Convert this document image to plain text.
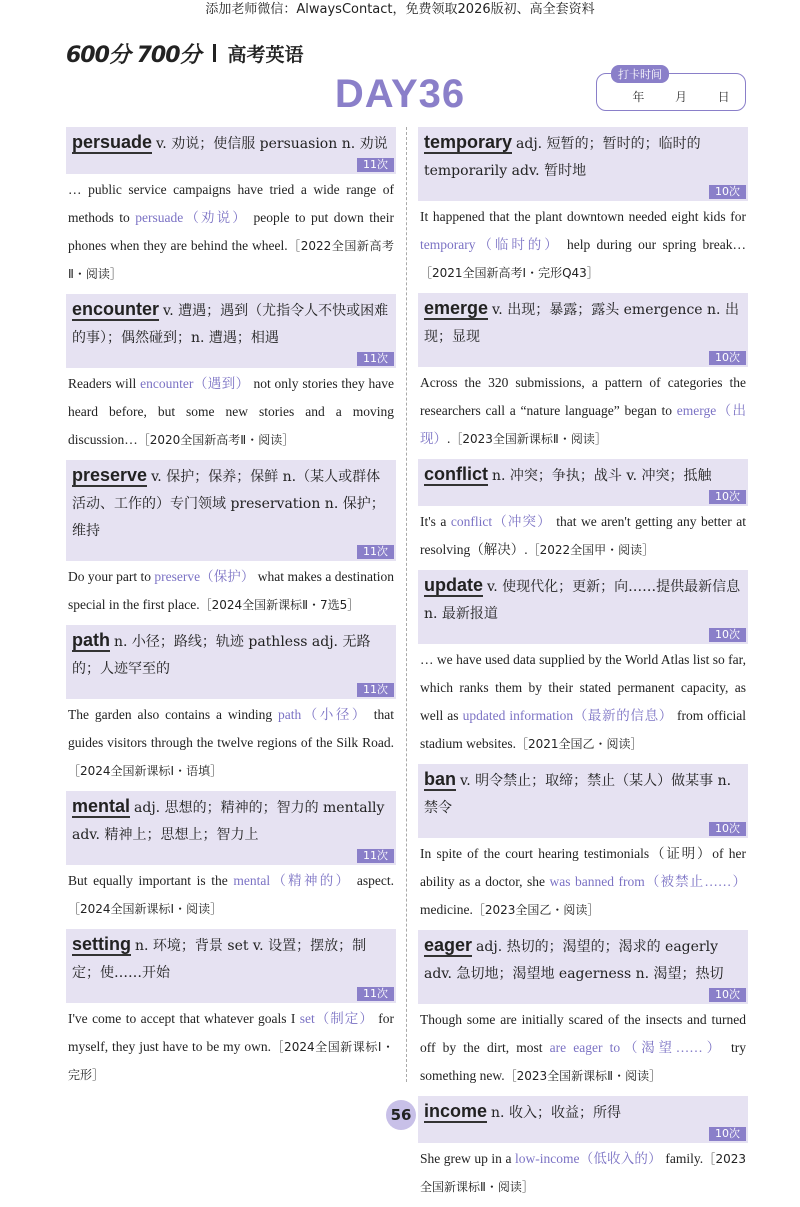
添加老师微信：AlwaysContact，免费领取2026版初、高全套资料
600分 700分 高考英语
DAY36	打卡时间
年	月	日
persuade v. 劝说；使信服 persuasion n. 劝说
11次
… public service campaigns have tried a wide range of methods to persuade（劝说） people to put down their phones when they are behind the wheel.［2022全国新高考Ⅱ・阅读］
encounter v. 遭遇；遇到（尤指令人不快或困难的事）；偶然碰到；n. 遭遇；相遇
11次
Readers will encounter（遇到） not only stories they have heard before, but some new stories and a moving discussion…［2020全国新高考Ⅱ・阅读］
preserve v. 保护；保养；保鲜 n.（某人或群体活动、工作的）专门领域 preservation n. 保护；维持
11次
Do your part to preserve（保护） what makes a destination special in the first place.［2024全国新课标Ⅱ・7选5］
path n. 小径；路线；轨迹 pathless adj. 无路的；人迹罕至的
11次
The garden also contains a winding path（小径） that guides visitors through the twelve regions of the Silk Road.［2024全国新课标Ⅰ・语填］
mental adj. 思想的；精神的；智力的 mentally adv. 精神上；思想上；智力上
11次
But equally important is the mental（精神的） aspect.［2024全国新课标Ⅰ・阅读］
setting n. 环境；背景 set v. 设置；摆放；制定；使……开始
11次
I've come to accept that whatever goals I set（制定） for myself, they just have to be my own.［2024全国新课标Ⅰ・完形］
temporary adj. 短暂的；暂时的；临时的 temporarily adv. 暂时地
10次
It happened that the plant downtown needed eight kids for temporary（临时的） help during our spring break…［2021全国新高考Ⅰ・完形Q43］
emerge v. 出现；暴露；露头 emergence n. 出现；显现
10次
Across the 320 submissions, a pattern of categories the researchers call a “nature language” began to emerge（出现）.［2023全国新课标Ⅱ・阅读］
conflict n. 冲突；争执；战斗 v. 冲突；抵触
10次
It's a conflict（冲突） that we aren't getting any better at resolving（解决）.［2022全国甲・阅读］
update v. 使现代化；更新；向……提供最新信息 n. 最新报道
10次
… we have used data supplied by the World Atlas list so far, which ranks them by their stated permanent capacity, as well as updated information（最新的信息） from official stadium websites.［2021全国乙・阅读］
ban v. 明令禁止；取缔；禁止（某人）做某事 n. 禁令
10次
In spite of the court hearing testimonials（证明）of her ability as a doctor, she was banned from（被禁止……） medicine.［2023全国乙・阅读］
eager adj. 热切的；渴望的；渴求的 eagerly adv. 急切地；渴望地 eagerness n. 渴望；热切
10次
Though some are initially scared of the insects and turned off by the dirt, most are eager to（渴望……） try something new.［2023全国新课标Ⅱ・阅读］
income n. 收入；收益；所得
10次
She grew up in a low-income（低收入的） family.［2023全国新课标Ⅱ・阅读］
56
